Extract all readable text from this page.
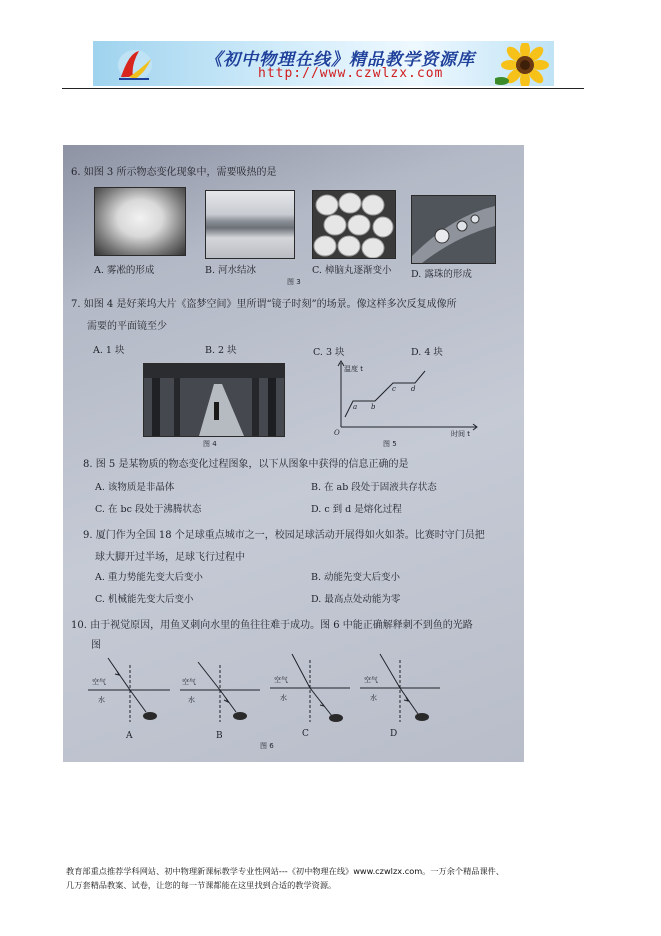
《初中物理在线》精品教学资源库
http://www.czwlzx.com
6. 如图 3 所示物态变化现象中，需要吸热的是
A. 雾凇的形成	B. 河水结冰	C. 樟脑丸逐渐变小 D. 露珠的形成
图 3
7. 如图 4 是好莱坞大片《盗梦空间》里所谓“镜子时刻”的场景。像这样多次反复成像所
需要的平面镜至少
A. 1 块	B. 2 块	C. 3 块	D. 4 块
图 4
温度 t
时间 t
O
a b
c d
图 5
8. 图 5 是某物质的物态变化过程图象，以下从图象中获得的信息正确的是
A. 该物质是非晶体	B. 在 ab 段处于固液共存状态
C. 在 bc 段处于沸腾状态	D. c 到 d 是熔化过程
9. 厦门作为全国 18 个足球重点城市之一，校园足球活动开展得如火如荼。比赛时守门员把
球大脚开过半场，足球飞行过程中
A. 重力势能先变大后变小	B. 动能先变大后变小
C. 机械能先变大后变小	D. 最高点处动能为零
10. 由于视觉原因，用鱼叉刺向水里的鱼往往难于成功。图 6 中能正确解释刺不到鱼的光路
图
空气
水
空气
水
空气
水
空气
水
A	B	C	D
图 6
教育部重点推荐学科网站、初中物理新课标教学专业性网站---《初中物理在线》www.czwlzx.com。一万余个精品课件、
几万套精品教案、试卷，让您的每一节课都能在这里找到合适的教学资源。
